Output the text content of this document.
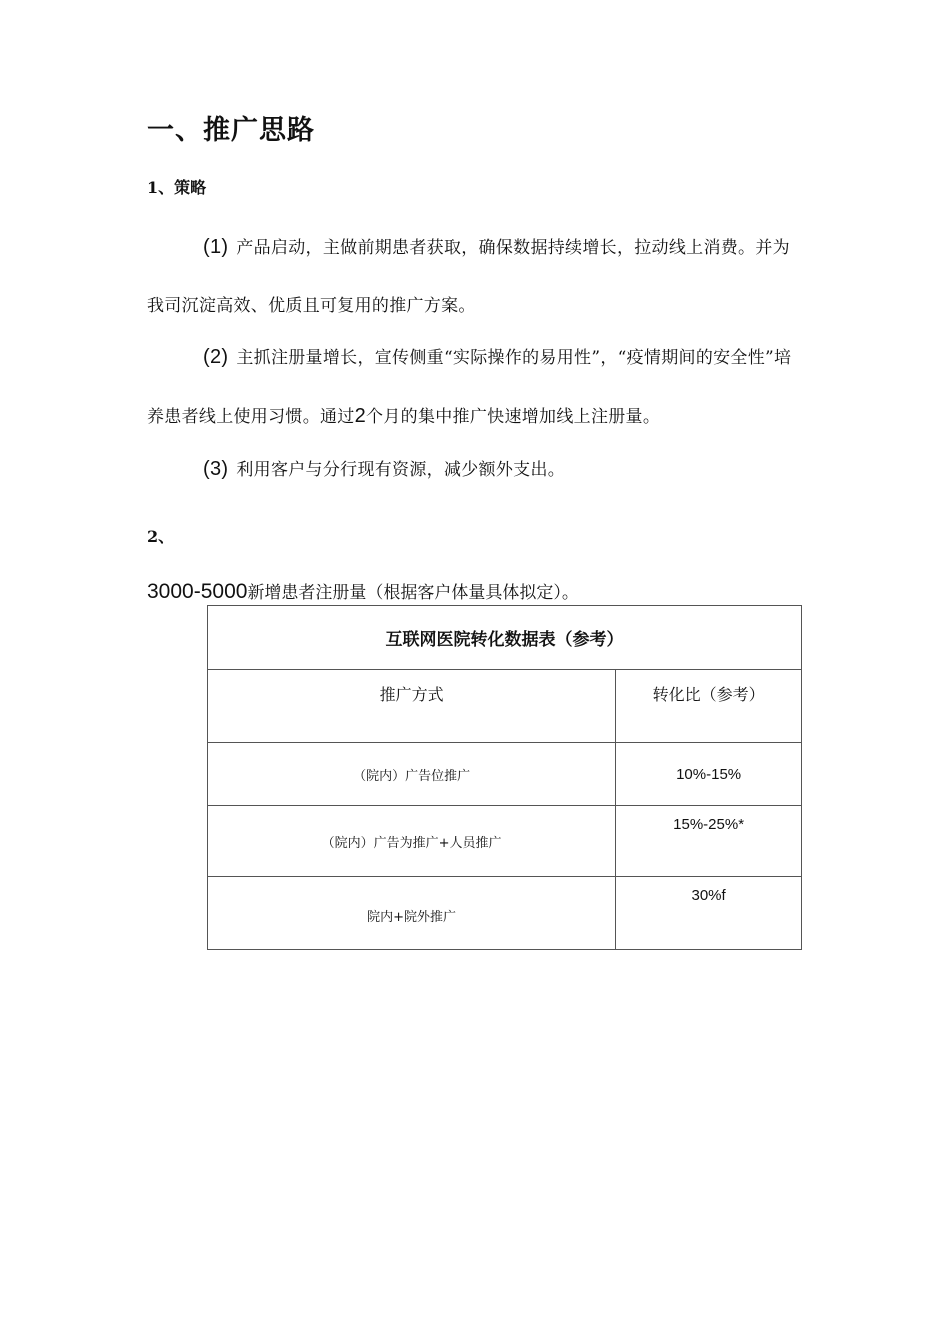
一、推广思路
1、策略

(1) 产品启动，主做前期患者获取，确保数据持续增长，拉动线上消费。并为我司沉淀高效、优质且可复用的推广方案。

(2) 主抓注册量增长，宣传侧重“实际操作的易用性”，“疫情期间的安全性”培养患者线上使用习惯。通过2个月的集中推广快速增加线上注册量。

(3) 利用客户与分行现有资源，减少额外支出。

2、

3000-5000新增患者注册量（根据客户体量具体拟定）。

互联网医院转化数据表（参考）	
推广方式	转化比（参考）
（院内）广告位推广	10%-15%
（院内）广告为推广+人员推广	15%-25%*
院内+院外推广	30%f
